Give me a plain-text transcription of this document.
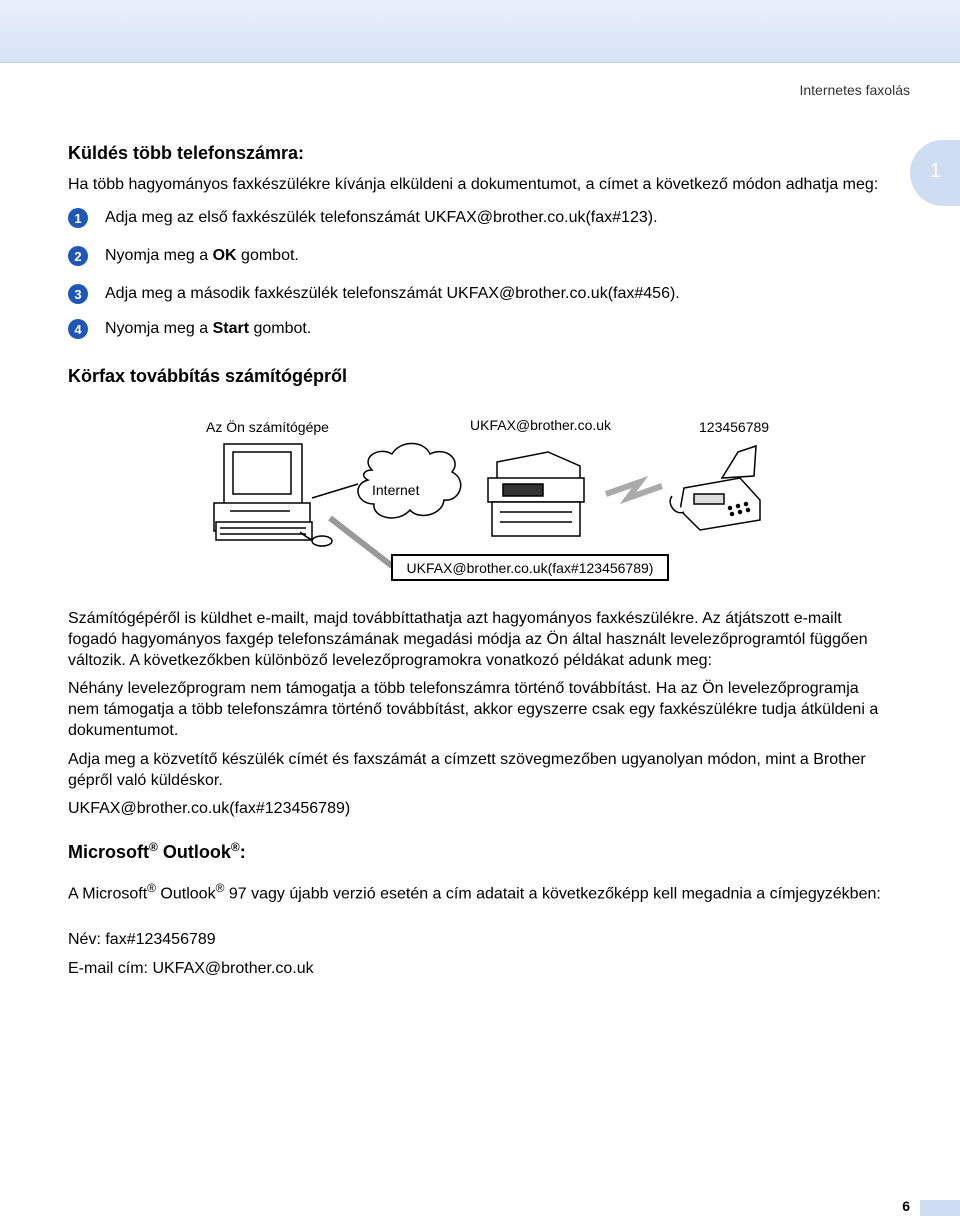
Internetes faxolás
1
Küldés több telefonszámra:
Ha több hagyományos faxkészülékre kívánja elküldeni a dokumentumot, a címet a következő módon adhatja meg:
1	Adja meg az első faxkészülék telefonszámát UKFAX@brother.co.uk(fax#123).
2	Nyomja meg a OK gombot.
3	Adja meg a második faxkészülék telefonszámát UKFAX@brother.co.uk(fax#456).
4	Nyomja meg a Start gombot.
Körfax továbbítás számítógépről
Az Ön számítógépe	UKFAX@brother.co.uk	123456789
Internet
UKFAX@brother.co.uk(fax#123456789)
Számítógépéről is küldhet e-mailt, majd továbbíttathatja azt hagyományos faxkészülékre. Az átjátszott e-mailt fogadó hagyományos faxgép telefonszámának megadási módja az Ön által használt levelezőprogramtól függően változik. A következőkben különböző levelezőprogramokra vonatkozó példákat adunk meg:
Néhány levelezőprogram nem támogatja a több telefonszámra történő továbbítást. Ha az Ön levelezőprogramja nem támogatja a több telefonszámra történő továbbítást, akkor egyszerre csak egy faxkészülékre tudja átküldeni a dokumentumot.
Adja meg a közvetítő készülék címét és faxszámát a címzett szövegmezőben ugyanolyan módon, mint a Brother gépről való küldéskor.
UKFAX@brother.co.uk(fax#123456789)
Microsoft® Outlook®:
A Microsoft® Outlook® 97 vagy újabb verzió esetén a cím adatait a következőképp kell megadnia a címjegyzékben:
Név: fax#123456789
E-mail cím: UKFAX@brother.co.uk
6
